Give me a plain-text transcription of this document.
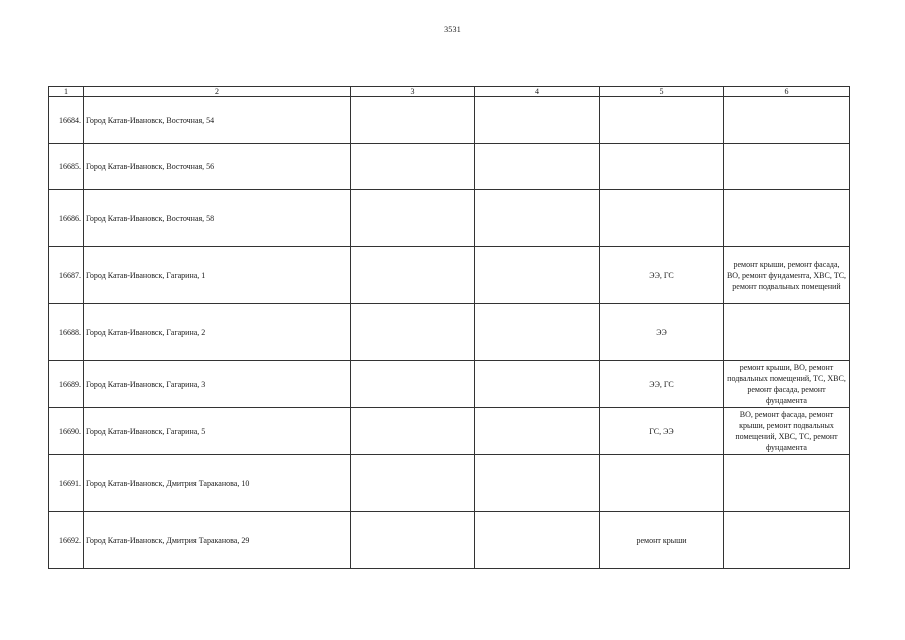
3531
1	2	3	4	5	6
16684.	Город Катав-Ивановск, Восточная, 54				
16685.	Город Катав-Ивановск, Восточная, 56				
16686.	Город Катав-Ивановск, Восточная, 58				
16687.	Город Катав-Ивановск, Гагарина, 1			ЭЭ, ГС	ремонт крыши, ремонт фасада, ВО, ремонт фундамента, ХВС, ТС, ремонт подвальных помещений
16688.	Город Катав-Ивановск, Гагарина, 2			ЭЭ	
16689.	Город Катав-Ивановск, Гагарина, 3			ЭЭ, ГС	ремонт крыши, ВО, ремонт подвальных помещений, ТС, ХВС, ремонт фасада, ремонт фундамента
16690.	Город Катав-Ивановск, Гагарина, 5			ГС, ЭЭ	ВО, ремонт фасада, ремонт крыши, ремонт подвальных помещений, ХВС, ТС, ремонт фундамента
16691.	Город Катав-Ивановск, Дмитрия Тараканова, 10				
16692.	Город Катав-Ивановск, Дмитрия Тараканова, 29			ремонт крыши	
